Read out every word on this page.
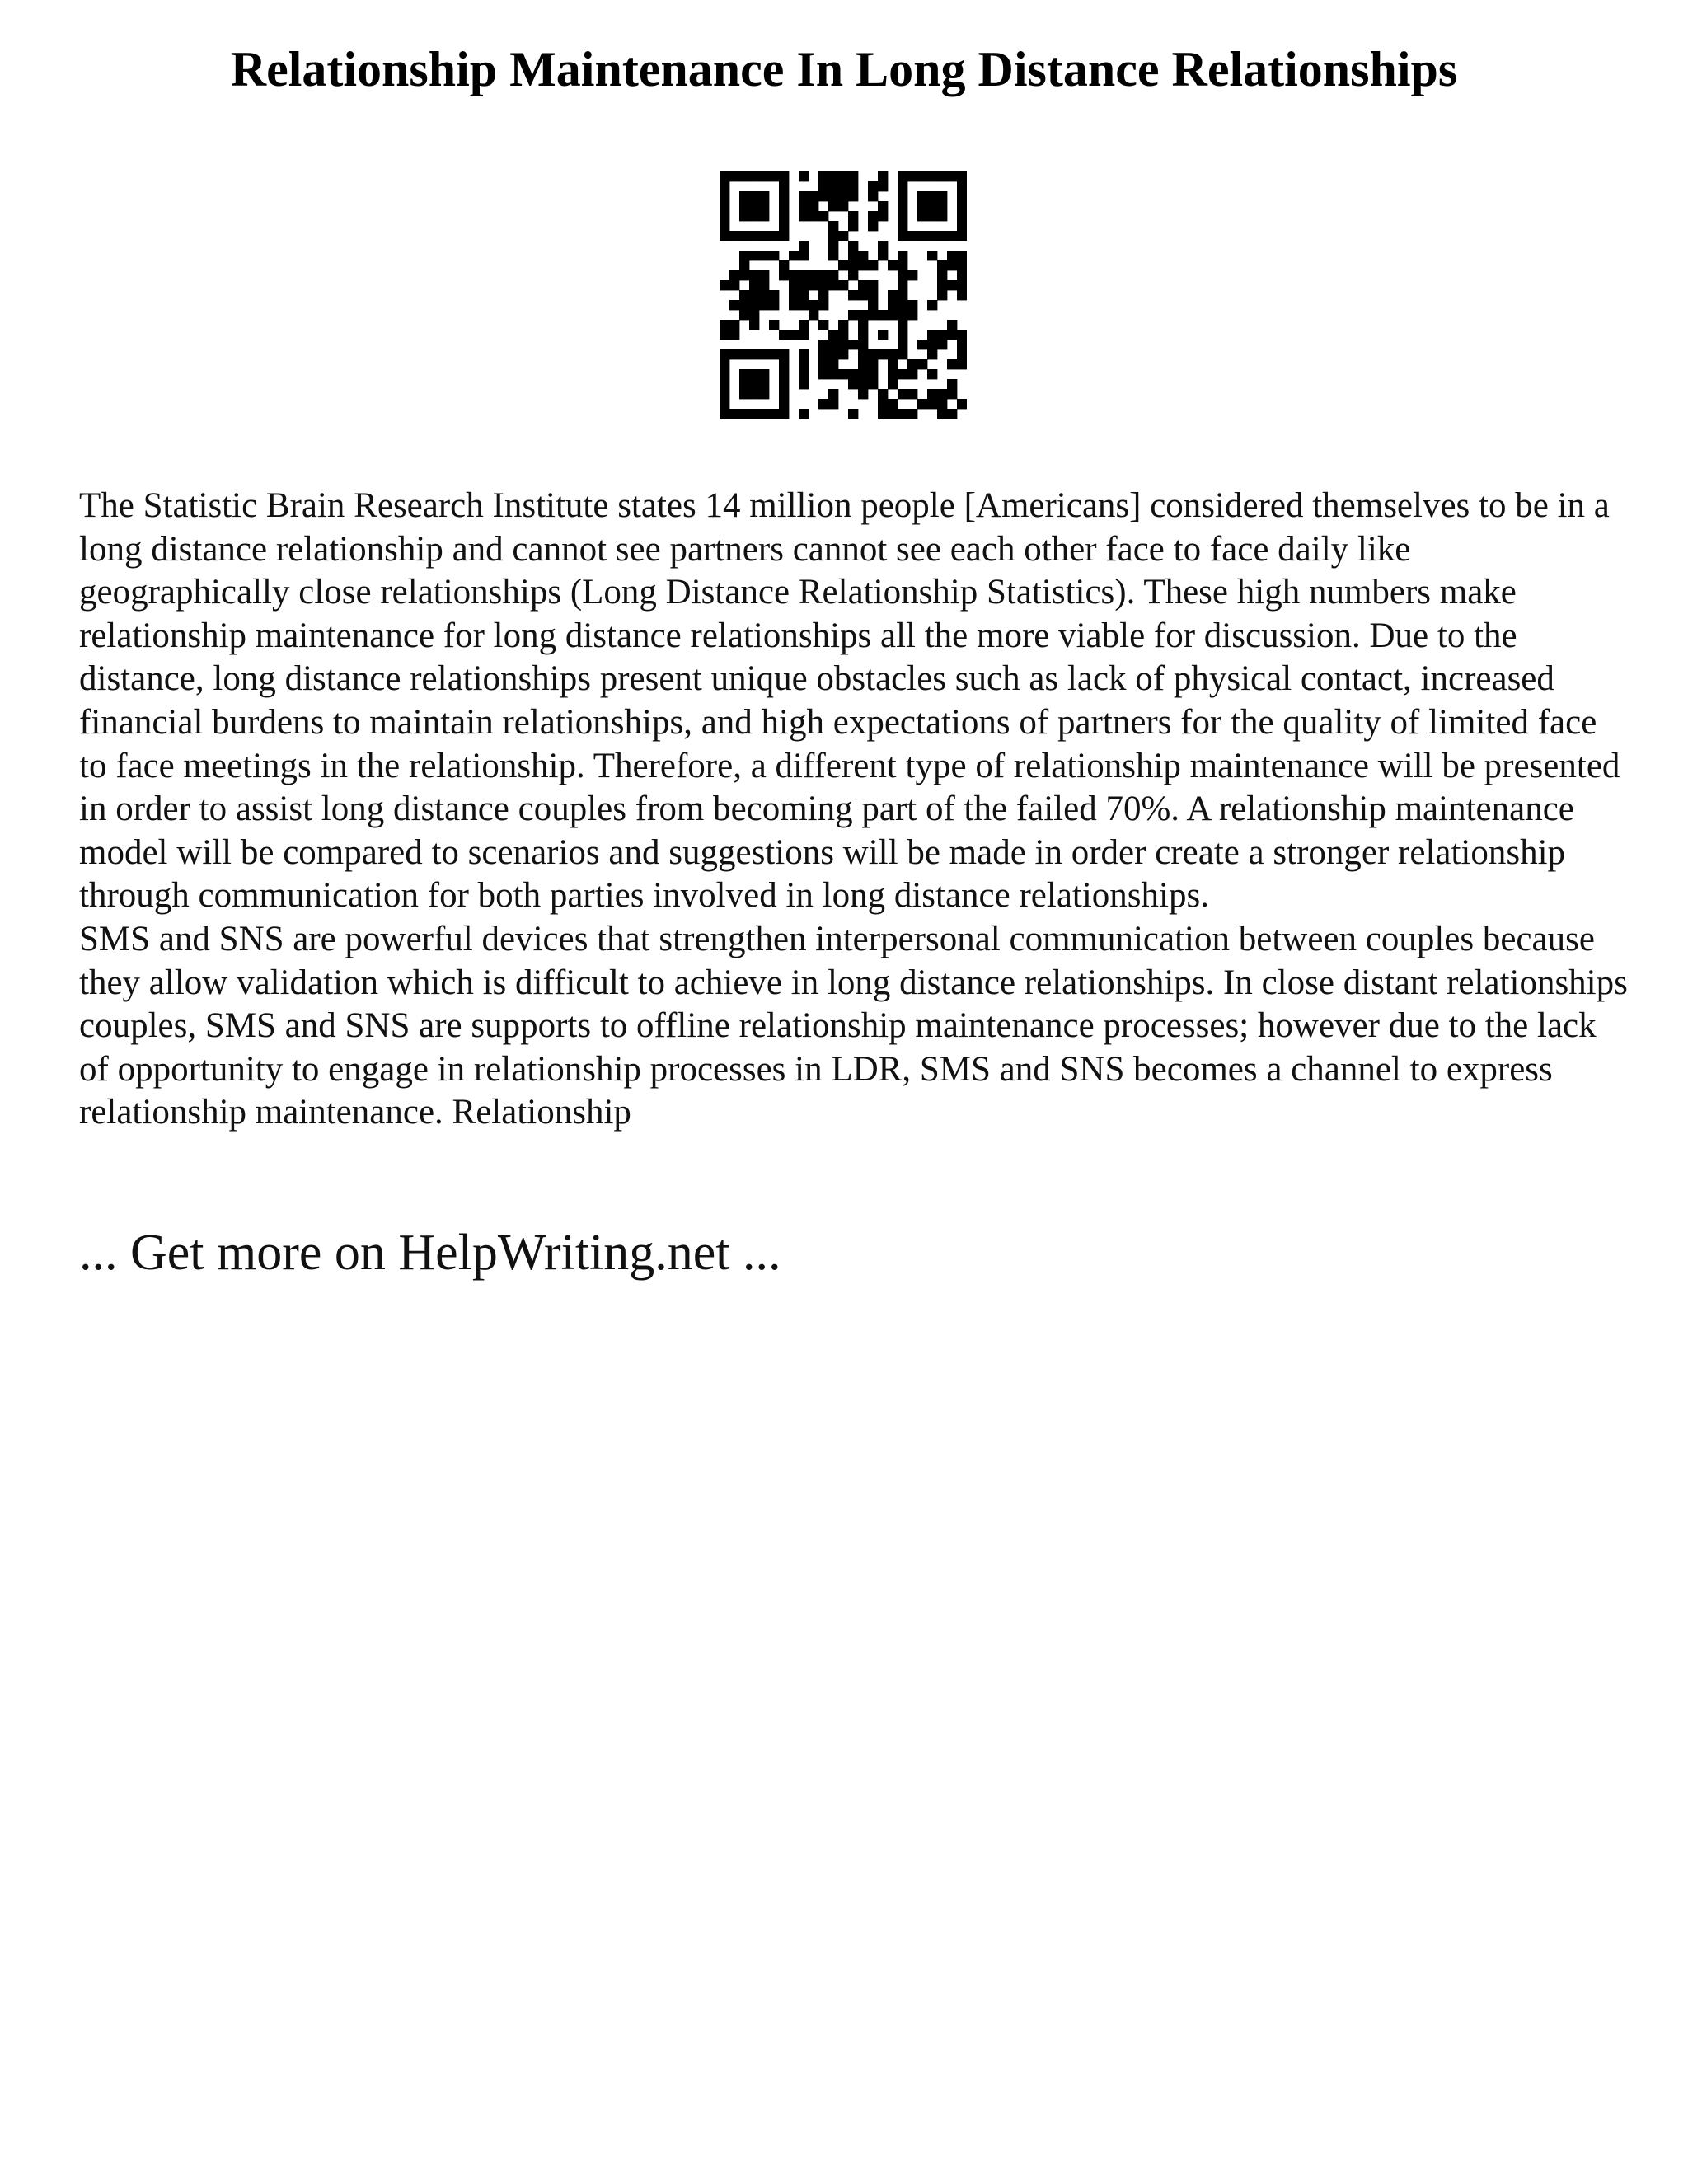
Relationship Maintenance In Long Distance Relationships

The Statistic Brain Research Institute states 14 million people [Americans] considered themselves to be in a long distance relationship and cannot see partners cannot see each other face to face daily like geographically close relationships (Long Distance Relationship Statistics). These high numbers make relationship maintenance for long distance relationships all the more viable for discussion. Due to the distance, long distance relationships present unique obstacles such as lack of physical contact, increased financial burdens to maintain relationships, and high expectations of partners for the quality of limited face to face meetings in the relationship. Therefore, a different type of relationship maintenance will be presented in order to assist long distance couples from becoming part of the failed 70%. A relationship maintenance model will be compared to scenarios and suggestions will be made in order create a stronger relationship through communication for both parties involved in long distance relationships.

SMS and SNS are powerful devices that strengthen interpersonal communication between couples because they allow validation which is difficult to achieve in long distance relationships. In close distant relationships couples, SMS and SNS are supports to offline relationship maintenance processes; however due to the lack of opportunity to engage in relationship processes in LDR, SMS and SNS becomes a channel to express relationship maintenance. Relationship

... Get more on HelpWriting.net ...
